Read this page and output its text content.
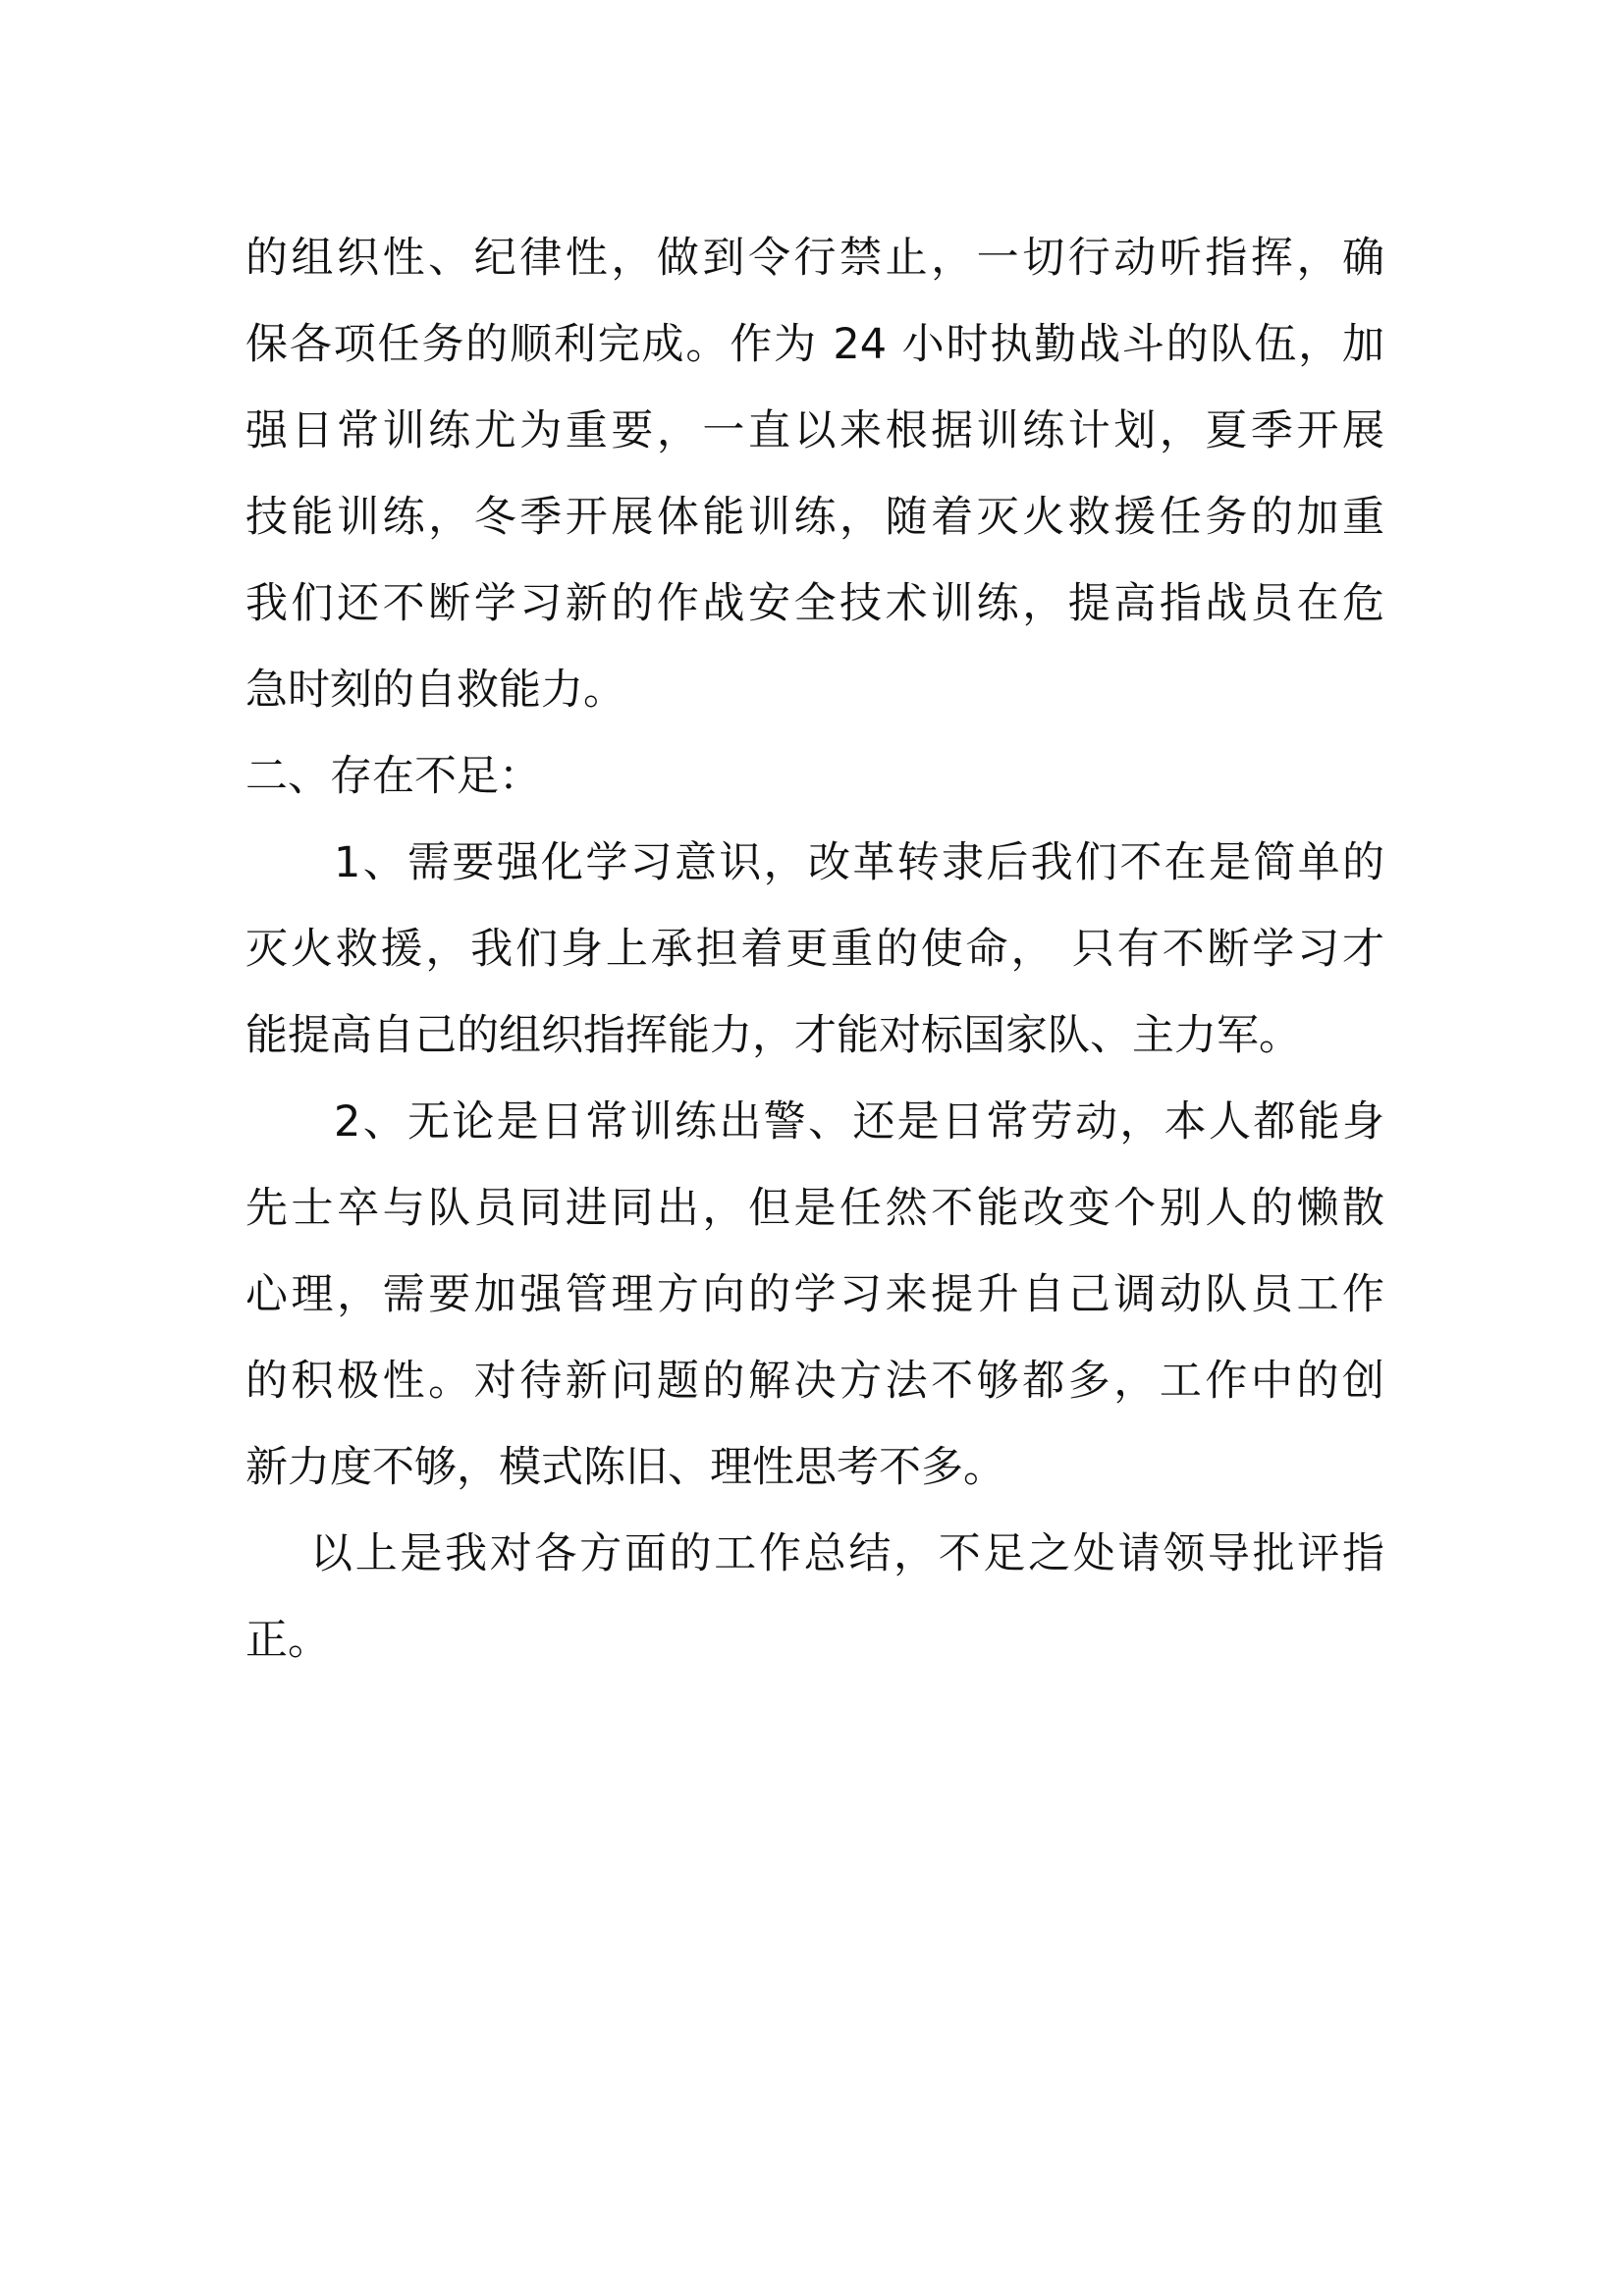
的组织性、纪律性，做到令行禁止，一切行动听指挥，确
保各项任务的顺利完成。作为 24 小时执勤战斗的队伍，加
强日常训练尤为重要，一直以来根据训练计划，夏季开展
技能训练，冬季开展体能训练，随着灭火救援任务的加重
我们还不断学习新的作战安全技术训练，提高指战员在危
急时刻的自救能力。
二、存在不足：
1、需要强化学习意识，改革转隶后我们不在是简单的
灭火救援，我们身上承担着更重的使命， 只有不断学习才
能提高自己的组织指挥能力，才能对标国家队、主力军。
2、无论是日常训练出警、还是日常劳动，本人都能身
先士卒与队员同进同出，但是任然不能改变个别人的懒散
心理，需要加强管理方向的学习来提升自己调动队员工作
的积极性。对待新问题的解决方法不够都多，工作中的创
新力度不够，模式陈旧、理性思考不多。
以上是我对各方面的工作总结，不足之处请领导批评指
正。
